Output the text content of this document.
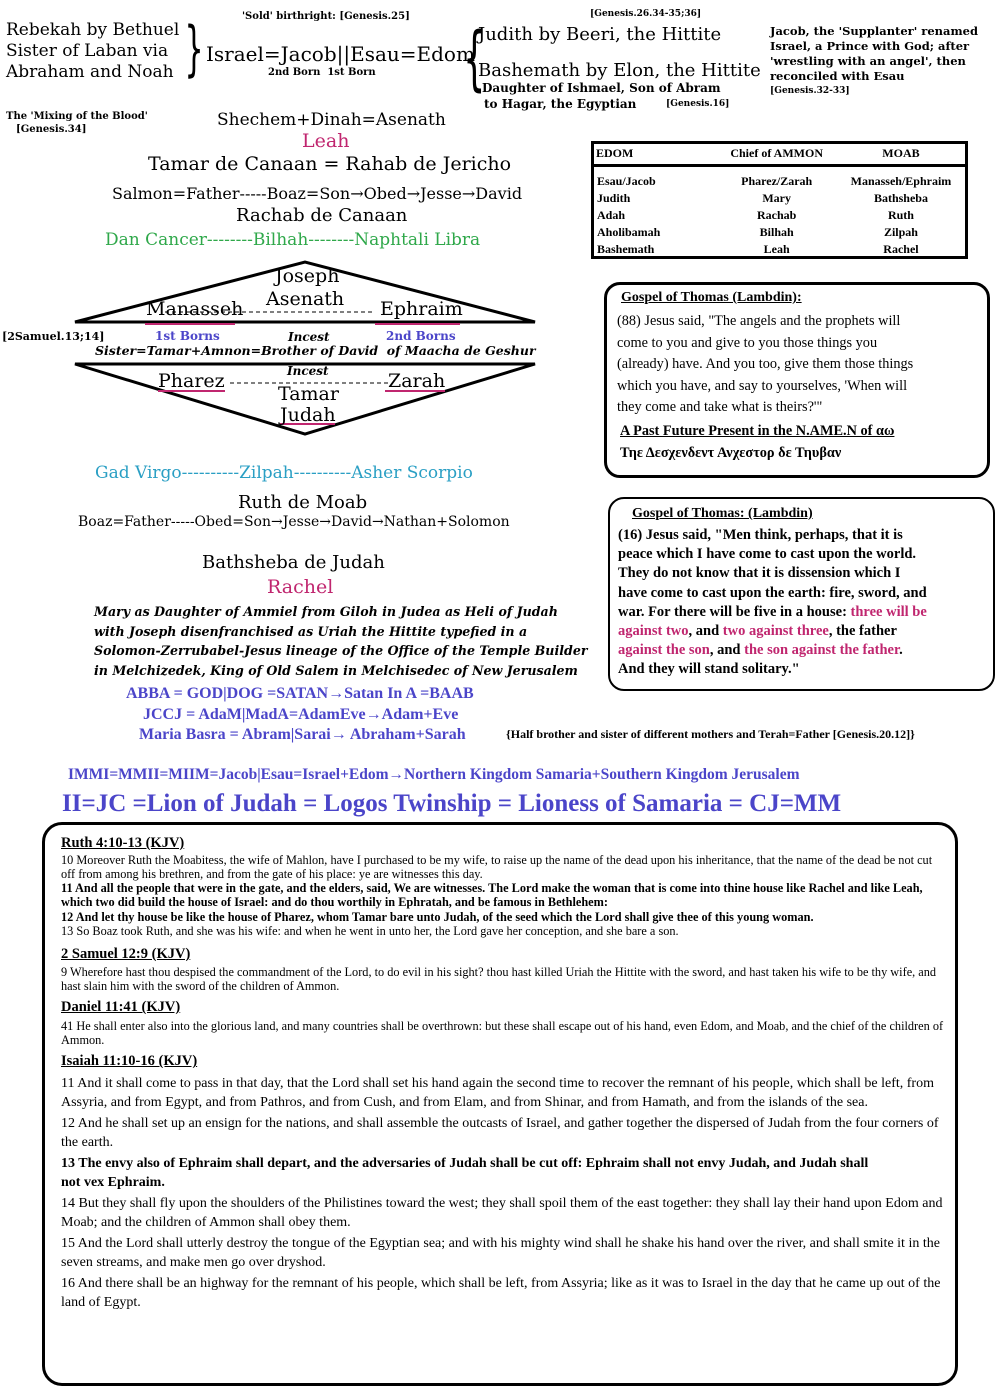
Rebekah by Bethuel
Sister of Laban via
Abraham and Noah }	'Sold' birthright: [Genesis.25]
Israel=Jacob||Esau=Edom
2nd Born  1st Born {
[Genesis.26.34-35;36]
Judith by Beeri, the Hittite
Bashemath by Elon, the Hittite
Daughter of Ishmael, Son of Abram
to Hagar, the Egyptian	[Genesis.16]
Jacob, the 'Supplanter' renamed
Israel, a Prince with God; after
'wrestling with an angel', then
reconciled with Esau
[Genesis.32-33]
The 'Mixing of the Blood'
[Genesis.34]	Shechem+Dinah=Asenath
Leah
Tamar de Canaan = Rahab de Jericho
Salmon=Father-----Boaz=Son→Obed→Jesse→David
Rachab de Canaan
Dan Cancer--------Bilhah--------Naphtali Libra
Joseph
Asenath
Manasseh	Ephraim
[2Samuel.13;14]	1st Borns	Incest	2nd Borns
Sister=Tamar+Amnon=Brother of David  of Maacha de Geshur
Incest
Pharez	Zarah
Tamar
Judah
Gad Virgo----------Zilpah----------Asher Scorpio
Ruth de Moab
Boaz=Father-----Obed=Son→Jesse→David→Nathan+Solomon
Bathsheba de Judah
Rachel
Mary as Daughter of Ammiel from Giloh in Judea as Heli of Judah
with Joseph disenfranchised as Uriah the Hittite typefied in a
Solomon-Zerrubabel-Jesus lineage of the Office of the Temple Builder
in Melchizedek, King of Old Salem in Melchisedec of New Jerusalem
ABBA = GOD|DOG =SATAN→Satan In A =BAAB
JCCJ = AdaM|MadA=AdamEve→Adam+Eve
Maria Basra = Abram|Sarai→ Abraham+Sarah	{Half brother and sister of different mothers and Terah=Father [Genesis.20.12]}
IMMI=MMII=MIIM=Jacob|Esau=Israel+Edom→Northern Kingdom Samaria+Southern Kingdom Jerusalem
II=JC =Lion of Judah = Logos Twinship = Lioness of Samaria = CJ=MM
EDOM	Chief of AMMON	MOAB

Esau/Jacob	Pharez/Zarah	Manasseh/Ephraim
Judith	Mary	Bathsheba
Adah	Rachab	Ruth
Aholibamah	Bilhah	Zilpah
Bashemath	Leah	Rachel
Gospel of Thomas (Lambdin):
(88) Jesus said, "The angels and the prophets will
come to you and give to you those things you
(already) have. And you too, give them those things
which you have, and say to yourselves, 'When will
they come and take what is theirs?'"
A Past Future Present in the N.AME.N of αω
Τηε Δεσχενδεντ Ανχεστορ δε Τηυβαν
Gospel of Thomas: (Lambdin)
(16) Jesus said, "Men think, perhaps, that it is
peace which I have come to cast upon the world.
They do not know that it is dissension which I
have come to cast upon the earth: fire, sword, and
war. For there will be five in a house: three will be
against two, and two against three, the father
against the son, and the son against the father.
And they will stand solitary."
Ruth 4:10-13 (KJV)

10 Moreover Ruth the Moabitess, the wife of Mahlon, have I purchased to be my wife, to raise up the name of the dead upon his inheritance, that the name of the dead be not cut off from among his brethren, and from the gate of his place: ye are witnesses this day.

11 And all the people that were in the gate, and the elders, said, We are witnesses. The Lord make the woman that is come into thine house like Rachel and like Leah, which two did build the house of Israel: and do thou worthily in Ephratah, and be famous in Bethlehem:

12 And let thy house be like the house of Pharez, whom Tamar bare unto Judah, of the seed which the Lord shall give thee of this young woman.

13 So Boaz took Ruth, and she was his wife: and when he went in unto her, the Lord gave her conception, and she bare a son.

2 Samuel 12:9 (KJV)

9 Wherefore hast thou despised the commandment of the Lord, to do evil in his sight? thou hast killed Uriah the Hittite with the sword, and hast taken his wife to be thy wife, and hast slain him with the sword of the children of Ammon.

Daniel 11:41 (KJV)

41 He shall enter also into the glorious land, and many countries shall be overthrown: but these shall escape out of his hand, even Edom, and Moab, and the chief of the children of Ammon.

Isaiah 11:10-16 (KJV)

11 And it shall come to pass in that day, that the Lord shall set his hand again the second time to recover the remnant of his people, which shall be left, from Assyria, and from Egypt, and from Pathros, and from Cush, and from Elam, and from Shinar, and from Hamath, and from the islands of the sea.

12 And he shall set up an ensign for the nations, and shall assemble the outcasts of Israel, and gather together the dispersed of Judah from the four corners of the earth.

13 The envy also of Ephraim shall depart, and the adversaries of Judah shall be cut off: Ephraim shall not envy Judah, and Judah shall not vex Ephraim.

14 But they shall fly upon the shoulders of the Philistines toward the west; they shall spoil them of the east together: they shall lay their hand upon Edom and Moab; and the children of Ammon shall obey them.

15 And the Lord shall utterly destroy the tongue of the Egyptian sea; and with his mighty wind shall he shake his hand over the river, and shall smite it in the seven streams, and make men go over dryshod.

16 And there shall be an highway for the remnant of his people, which shall be left, from Assyria; like as it was to Israel in the day that he came up out of the land of Egypt.
